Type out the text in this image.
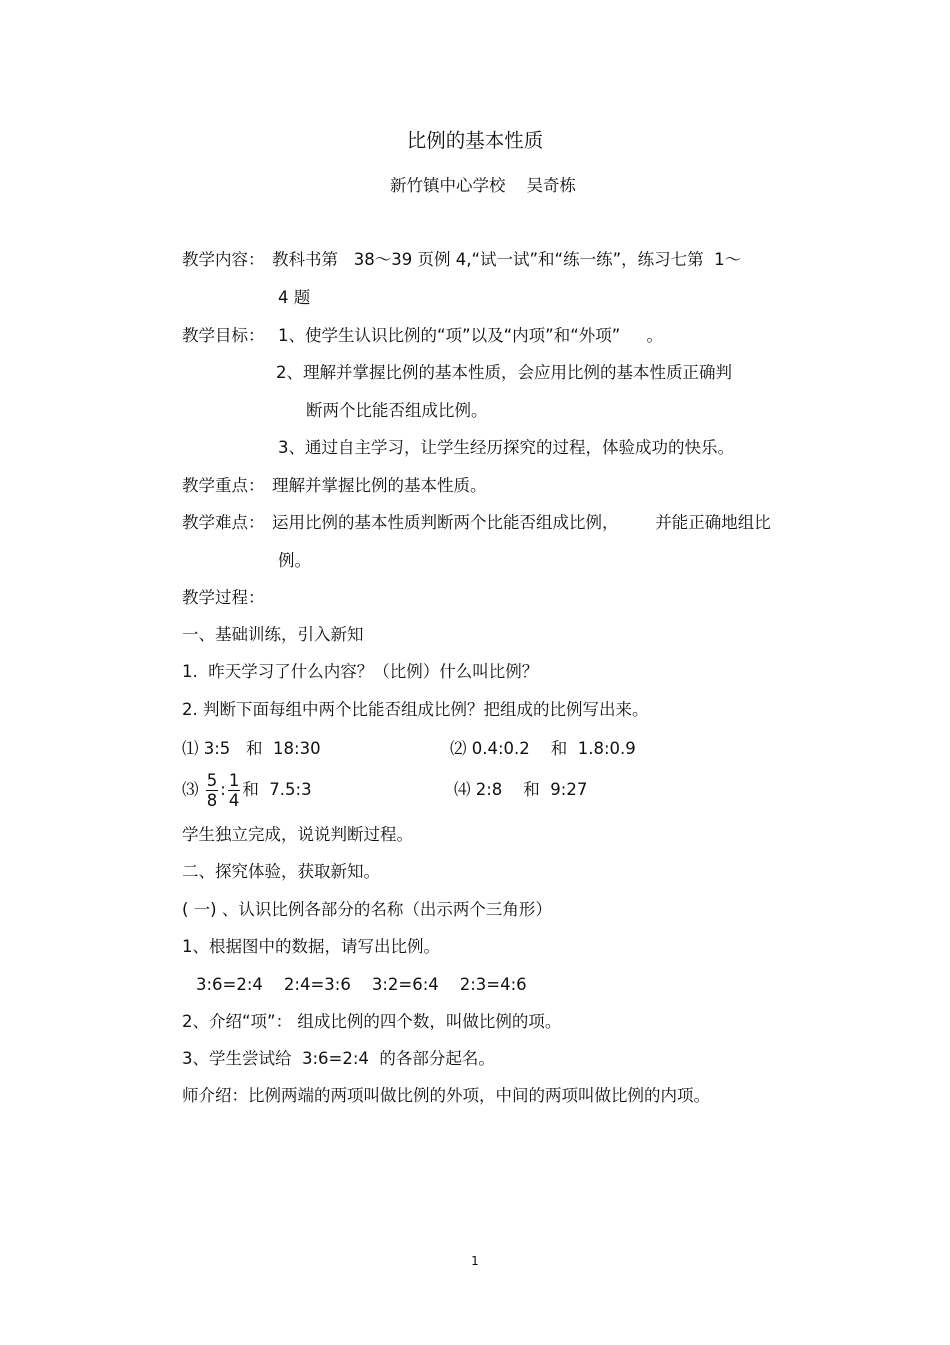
比例的基本性质
新竹镇中心学校    吴奇栋
教学内容： 教科书第   38～39 页例 4,“试一试”和“练一练”，练习七第  1～
4 题
教学目标： 1、使学生认识比例的“项”以及“内项”和“外项”     。
2、理解并掌握比例的基本性质，会应用比例的基本性质正确判
断两个比能否组成比例。
3、通过自主学习，让学生经历探究的过程，体验成功的快乐。
教学重点： 理解并掌握比例的基本性质。
教学难点： 运用比例的基本性质判断两个比能否组成比例，       并能正确地组比
例。
教学过程：
一、基础训练，引入新知
1.  昨天学习了什么内容？（比例）什么叫比例？
2. 判断下面每组中两个比能否组成比例？把组成的比例写出来。
⑴ 3:5   和  18:30	⑵ 0.4:0.2    和  1.8:0.9
⑶ $\frac{5}{8}$ : $\frac{1}{4}$ 和  7.5:3	⑷ 2:8    和  9:27
学生独立完成，说说判断过程。
二、探究体验，获取新知。
( 一) 、认识比例各部分的名称（出示两个三角形）
1、根据图中的数据，请写出比例。
3:6=2:4    2:4=3:6    3:2=6:4    2:3=4:6
2、介绍“项”： 组成比例的四个数，叫做比例的项。
3、学生尝试给  3:6=2:4  的各部分起名。
师介绍：比例两端的两项叫做比例的外项，中间的两项叫做比例的内项。
1
